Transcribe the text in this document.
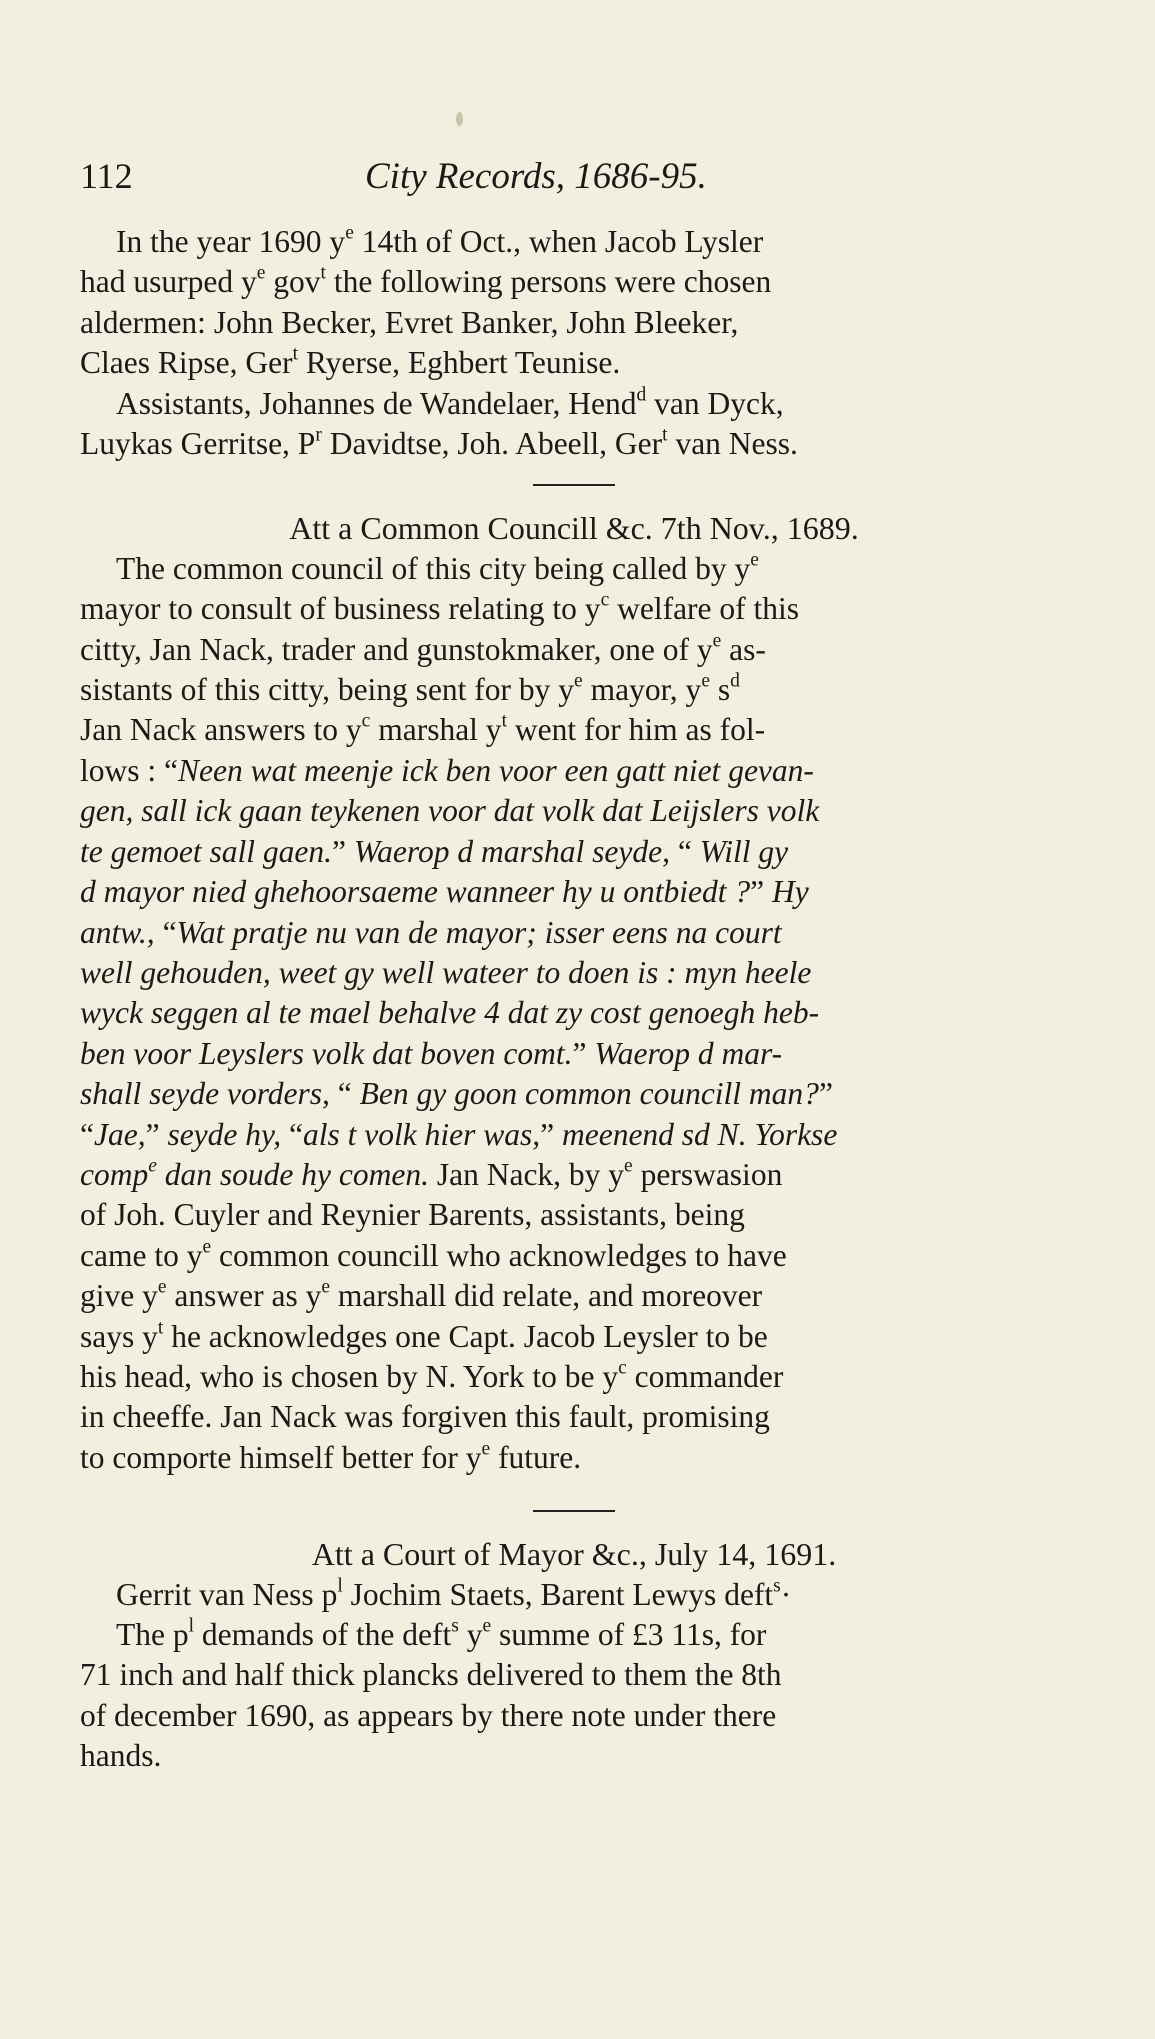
112	City Records, 1686-95.

In the year 1690 $y^e$ 14th of Oct., when Jacob Lysler
had usurped $y^e$ gov$^t$ the following persons were chosen
aldermen: John Becker, Evret Banker, John Bleeker,
Claes Ripse, Ger$^t$ Ryerse, Eghbert Teunise.

Assistants, Johannes de Wandelaer, Hend$^d$ van Dyck,
Luykas Gerritse, $P^r$ Davidtse, Joh. Abeell, Ger$^t$ van Ness.

Att a Common Councill &c. 7th Nov., 1689.

The common council of this city being called by $y^e$
mayor to consult of business relating to $y^c$ welfare of this
citty, Jan Nack, trader and gunstokmaker, one of $y^e$ as-
sistants of this citty, being sent for by $y^e$ mayor, $y^e$ $s^d$
Jan Nack answers to $y^c$ marshal $y^t$ went for him as fol-
lows : “Neen wat meenje ick ben voor een gatt niet gevan-
gen, sall ick gaan teykenen voor dat volk dat Leijslers volk
te gemoet sall gaen.” Waerop d marshal seyde, “ Will gy
d mayor nied ghehoorsaeme wanneer hy u ontbiedt ?” Hy
antw., “Wat pratje nu van de mayor; isser eens na court
well gehouden, weet gy well wateer to doen is : myn heele
wyck seggen al te mael behalve 4 dat zy cost genoegh heb-
ben voor Leyslers volk dat boven comt.” Waerop d mar-
shall seyde vorders, “ Ben gy goon common councill man?”
“Jae,” seyde hy, “als t volk hier was,” meenend sd N. Yorkse
comp$^e$ dan soude hy comen. Jan Nack, by $y^e$ perswasion
of Joh. Cuyler and Reynier Barents, assistants, being
came to $y^e$ common councill who acknowledges to have
give $y^e$ answer as $y^e$ marshall did relate, and moreover
says $y^t$ he acknowledges one Capt. Jacob Leysler to be
his head, who is chosen by N. York to be $y^c$ commander
in cheeffe. Jan Nack was forgiven this fault, promising
to comporte himself better for $y^e$ future.

Att a Court of Mayor &c., July 14, 1691.

Gerrit van Ness $p^l$ Jochim Staets, Barent Lewys deft$^s$·
The $p^l$ demands of the deft$^s$ $y^e$ summe of £3 11s, for
71 inch and half thick plancks delivered to them the 8th
of december 1690, as appears by there note under there
hands.
